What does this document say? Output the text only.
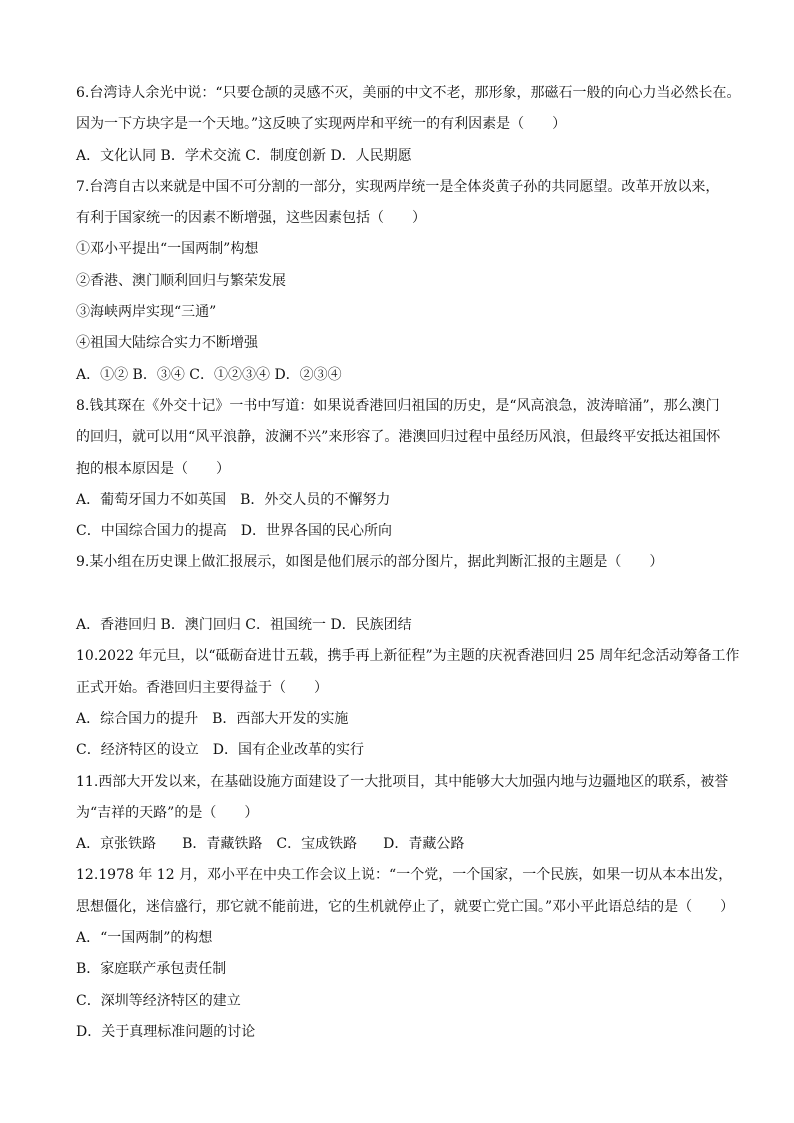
6.台湾诗人余光中说：“只要仓颉的灵感不灭，美丽的中文不老，那形象，那磁石一般的向心力当必然长在。
因为一下方块字是一个天地。”这反映了实现两岸和平统一的有利因素是（　　）
A．文化认同 B．学术交流 C．制度创新 D．人民期愿
7.台湾自古以来就是中国不可分割的一部分，实现两岸统一是全体炎黄子孙的共同愿望。改革开放以来，
有利于国家统一的因素不断增强，这些因素包括（　　）
①邓小平提出“一国两制”构想
②香港、澳门顺利回归与繁荣发展
③海峡两岸实现“三通”
④祖国大陆综合实力不断增强
A．①② B．③④ C．①②③④ D．②③④
8.钱其琛在《外交十记》一书中写道：如果说香港回归祖国的历史，是“风高浪急，波涛暗涌”，那么澳门
的回归，就可以用“风平浪静，波澜不兴”来形容了。港澳回归过程中虽经历风浪，但最终平安抵达祖国怀
抱的根本原因是（　　）
A．葡萄牙国力不如英国 B．外交人员的不懈努力
C．中国综合国力的提高 D．世界各国的民心所向
9.某小组在历史课上做汇报展示，如图是他们展示的部分图片，据此判断汇报的主题是（　　）
A．香港回归 B．澳门回归 C．祖国统一 D．民族团结
10.2022 年元旦，以“砥砺奋进廿五载，携手再上新征程”为主题的庆祝香港回归 25 周年纪念活动筹备工作
正式开始。香港回归主要得益于（　　）
A．综合国力的提升 B．西部大开发的实施
C．经济特区的设立 D．国有企业改革的实行
11.西部大开发以来，在基础设施方面建设了一大批项目，其中能够大大加强内地与边疆地区的联系，被誉
为“吉祥的天路”的是（　　）
A．京张铁路 B．青藏铁路 C．宝成铁路 D．青藏公路
12.1978 年 12 月，邓小平在中央工作会议上说：“一个党，一个国家，一个民族，如果一切从本本出发，
思想僵化，迷信盛行，那它就不能前进，它的生机就停止了，就要亡党亡国。”邓小平此语总结的是（　　）
A．“一国两制”的构想
B．家庭联产承包责任制
C．深圳等经济特区的建立
D．关于真理标准问题的讨论
